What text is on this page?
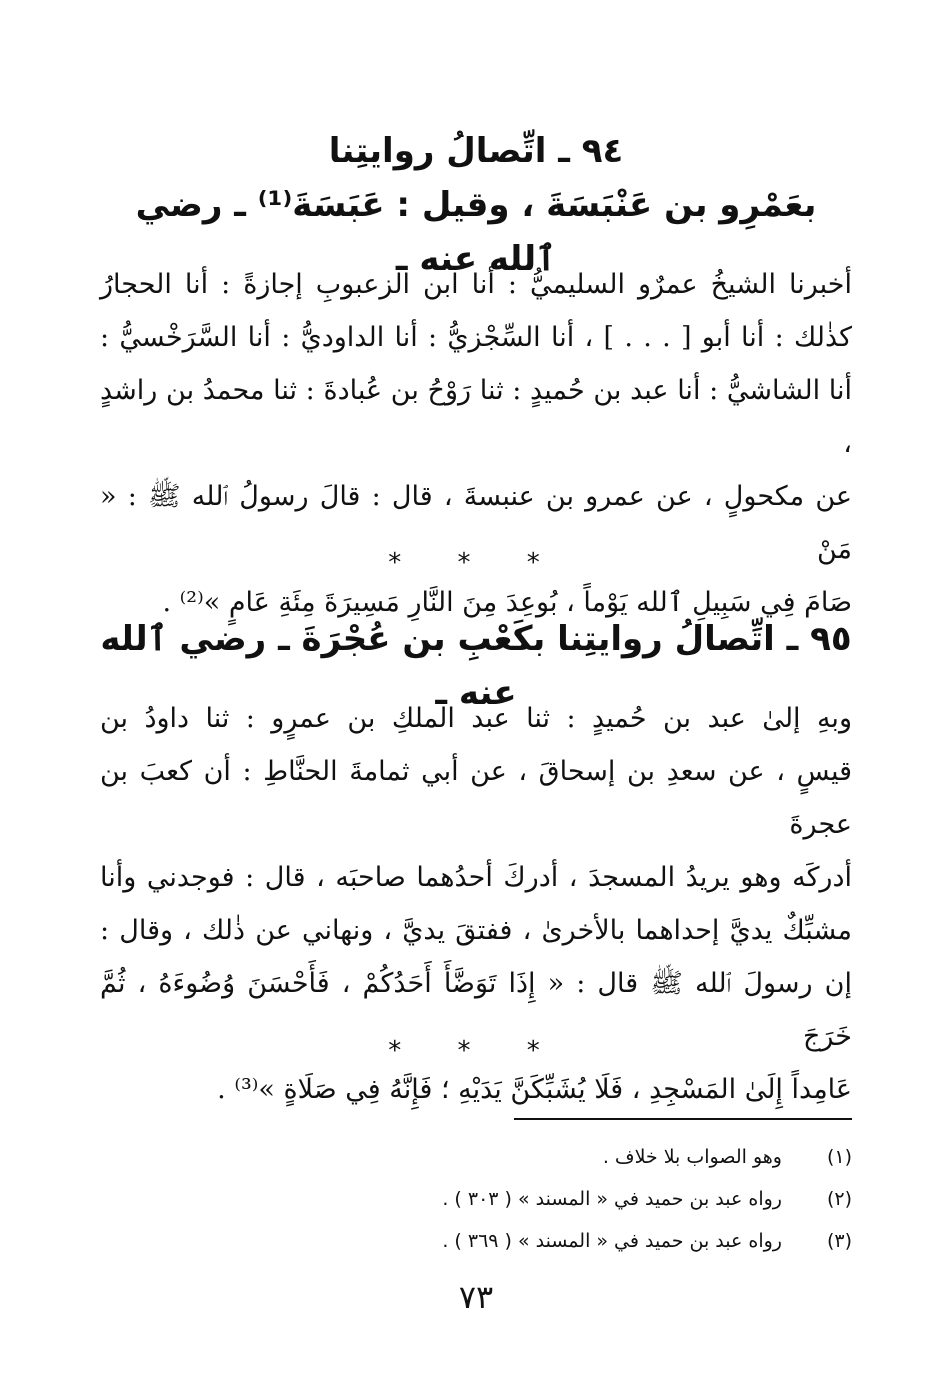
٩٤ ـ اتِّصالُ روايتِنا
بعَمْرِو بن عَنْبَسَةَ ، وقيل : عَبَسَةَ⁽¹⁾ ـ رضي ٱلله عنه ـ

أخبرنا الشيخُ عمرٌو السليميُّ : أنا ابن الزعبوبِ إجازةً : أنا الحجارُ
كذٰلك : أنا أبو [ . . . ] ، أنا السِّجْزيُّ : أنا الداوديُّ : أنا السَّرَخْسيُّ :
أنا الشاشيُّ : أنا عبد بن حُميدٍ : ثنا رَوْحُ بن عُبادةَ : ثنا محمدُ بن راشدٍ ،
عن مكحولٍ ، عن عمرو بن عنبسةَ ، قال : قالَ رسولُ ٱلله ﷺ : « مَنْ
صَامَ فِي سَبِيلِ ٱلله يَوْماً ، بُوعِدَ مِنَ النَّارِ مَسِيرَةَ مِئَةِ عَامٍ »⁽²⁾ .

* * *
٩٥ ـ اتِّصالُ روايتِنا بكَعْبِ بن عُجْرَةَ ـ رضي ٱلله عنه ـ

وبهِ إلىٰ عبد بن حُميدٍ : ثنا عبد الملكِ بن عمرٍو : ثنا داودُ بن
قيسٍ ، عن سعدِ بن إسحاقَ ، عن أبي ثمامةَ الحنَّاطِ : أن كعبَ بن عجرةَ
أدركَه وهو يريدُ المسجدَ ، أدركَ أحدُهما صاحبَه ، قال : فوجدني وأنا
مشبِّكٌ يديَّ إحداهما بالأخرىٰ ، ففتقَ يديَّ ، ونهاني عن ذٰلك ، وقال :
إن رسولَ ٱلله ﷺ قال : « إِذَا تَوَضَّأَ أَحَدُكُمْ ، فَأَحْسَنَ وُضُوءَهُ ، ثُمَّ خَرَجَ
عَامِداً إِلَىٰ المَسْجِدِ ، فَلَا يُشَبِّكَنَّ يَدَيْهِ ؛ فَإِنَّهُ فِي صَلَاةٍ »⁽³⁾ .

* * *
(١) وهو الصواب بلا خلاف .
(٢) رواه عبد بن حميد في « المسند » ( ٣٠٣ ) .
(٣) رواه عبد بن حميد في « المسند » ( ٣٦٩ ) .
٧٣
